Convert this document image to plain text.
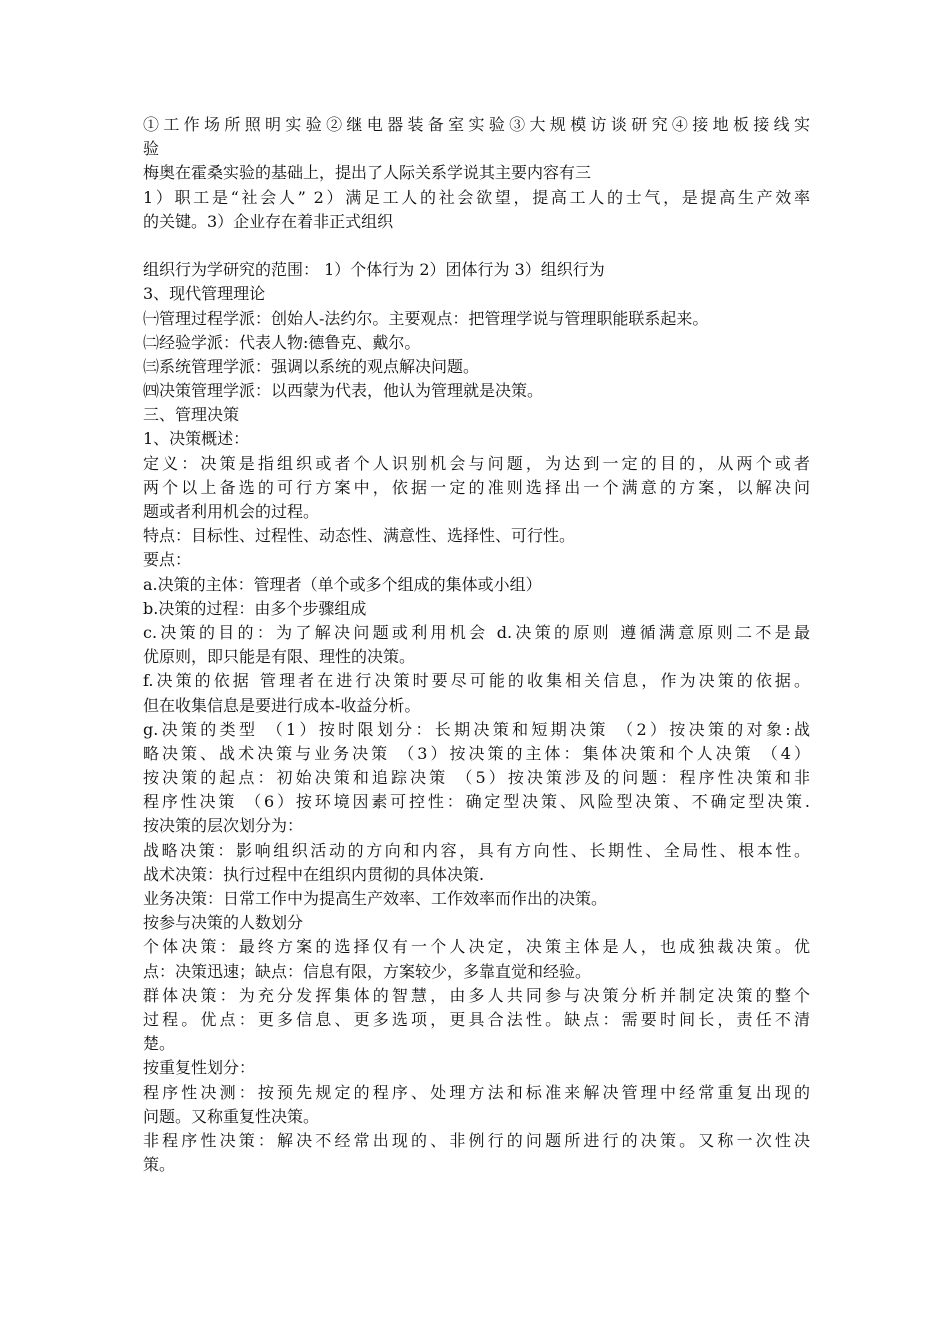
①工作场所照明实验②继电器装备室实验③大规模访谈研究④接地板接线实
验
梅奥在霍桑实验的基础上，提出了人际关系学说其主要内容有三
1）职工是“社会人” 2）满足工人的社会欲望，提高工人的士气，是提高生产效率
的关键。3）企业存在着非正式组织
组织行为学研究的范围： 1）个体行为 2）团体行为 3）组织行为
3、现代管理理论
㈠管理过程学派：创始人-法约尔。主要观点：把管理学说与管理职能联系起来。
㈡经验学派：代表人物:德鲁克、戴尔。
㈢系统管理学派：强调以系统的观点解决问题。
㈣决策管理学派：以西蒙为代表，他认为管理就是决策。
三、管理决策
1、决策概述：
定义：决策是指组织或者个人识别机会与问题，为达到一定的目的，从两个或者
两个以上备选的可行方案中，依据一定的准则选择出一个满意的方案，以解决问
题或者利用机会的过程。
特点：目标性、过程性、动态性、满意性、选择性、可行性。
要点：
a.决策的主体：管理者（单个或多个组成的集体或小组）
b.决策的过程：由多个步骤组成
c.决策的目的：为了解决问题或利用机会 d.决策的原则 遵循满意原则二不是最
优原则，即只能是有限、理性的决策。
f.决策的依据 管理者在进行决策时要尽可能的收集相关信息，作为决策的依据。
但在收集信息是要进行成本-收益分析。
g.决策的类型 （1）按时限划分：长期决策和短期决策 （2）按决策的对象:战
略决策、战术决策与业务决策 （3）按决策的主体：集体决策和个人决策 （4）
按决策的起点：初始决策和追踪决策 （5）按决策涉及的问题：程序性决策和非
程序性决策 （6）按环境因素可控性：确定型决策、风险型决策、不确定型决策.
按决策的层次划分为：
战略决策：影响组织活动的方向和内容，具有方向性、长期性、全局性、根本性。
战术决策：执行过程中在组织内贯彻的具体决策.
业务决策：日常工作中为提高生产效率、工作效率而作出的决策。
按参与决策的人数划分
个体决策：最终方案的选择仅有一个人决定，决策主体是人，也成独裁决策。优
点：决策迅速；缺点：信息有限，方案较少，多靠直觉和经验。
群体决策：为充分发挥集体的智慧，由多人共同参与决策分析并制定决策的整个
过程。优点：更多信息、更多选项，更具合法性。缺点：需要时间长，责任不清
楚。
按重复性划分：
程序性决测：按预先规定的程序、处理方法和标准来解决管理中经常重复出现的
问题。又称重复性决策。
非程序性决策：解决不经常出现的、非例行的问题所进行的决策。又称一次性决
策。
